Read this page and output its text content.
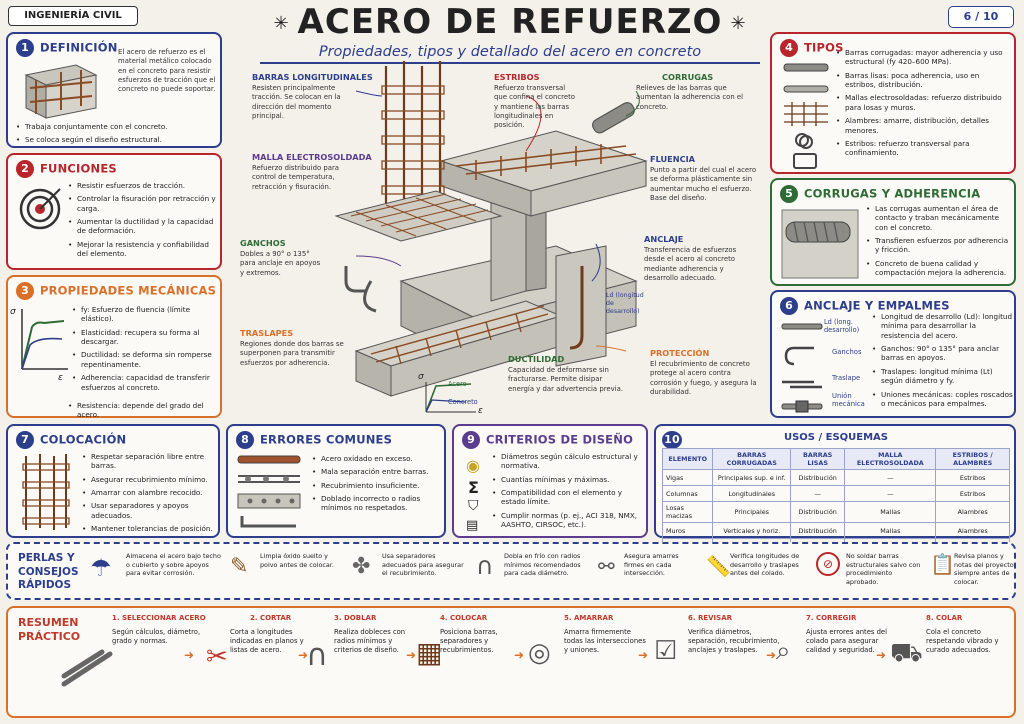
INGENIERÍA CIVIL	✳ ACERO DE REFUERZO ✳
Propiedades, tipos y detallado del acero en concreto
6 / 10
1 DEFINICIÓN El acero de refuerzo es el material metálico colocado en el concreto para resistir esfuerzos de tracción que el concreto no puede soportar.
• Trabaja conjuntamente con el concreto.
• Se coloca según el diseño estructural.
2 FUNCIONES
• Resistir esfuerzos de tracción.
• Controlar la fisuración por retracción y carga.
• Aumentar la ductilidad y la capacidad de deformación.
• Mejorar la resistencia y confiabilidad del elemento.
3 PROPIEDADES MECÁNICAS
σ
ε
• fy: Esfuerzo de fluencia (límite elástico).
• Elasticidad: recupera su forma al descargar.
• Ductilidad: se deforma sin romperse repentinamente.
• Adherencia: capacidad de transferir esfuerzos al concreto.
• Resistencia: depende del grado del acero.
BARRAS LONGITUDINALES
Resisten principalmente tracción. Se colocan en la dirección del momento principal.
MALLA ELECTROSOLDADA
Refuerzo distribuido para control de temperatura, retracción y fisuración.
GANCHOS
Dobles a 90° o 135° para anclaje en apoyos y extremos.
TRASLAPES
Regiones donde dos barras se superponen para transmitir esfuerzos por adherencia.
ESTRIBOS
Refuerzo transversal que confina el concreto y mantiene las barras longitudinales en posición.
CORRUGAS
Relieves de las barras que aumentan la adherencia con el concreto.
FLUENCIA
Punto a partir del cual el acero se deforma plásticamente sin aumentar mucho el esfuerzo. Base del diseño.
ANCLAJE
Transferencia de esfuerzos desde el acero al concreto mediante adherencia y desarrollo adecuado.
Ld (longitud de desarrollo)
DUCTILIDAD
Capacidad de deformarse sin fracturarse. Permite disipar energía y dar advertencia previa.
PROTECCIÓN
El recubrimiento de concreto protege al acero contra corrosión y fuego, y asegura la durabilidad.
Acero
Concreto
σ
ε
4 TIPOS • Barras corrugadas: mayor adherencia y uso estructural (fy 420–600 MPa).
• Barras lisas: poca adherencia, uso en estribos, distribución.
• Mallas electrosoldadas: refuerzo distribuido para losas y muros.
• Alambres: amarre, distribución, detalles menores.
• Estribos: refuerzo transversal para confinamiento.
5 CORRUGAS Y ADHERENCIA
• Las corrugas aumentan el área de contacto y traban mecánicamente con el concreto.
• Transfieren esfuerzos por adherencia y fricción.
• Concreto de buena calidad y compactación mejora la adherencia.
6 ANCLAJE Y EMPALMES
Ld (long. desarrollo)
Ganchos
Traslape
Unión mecánica
• Longitud de desarrollo (Ld): longitud mínima para desarrollar la resistencia del acero.
• Ganchos: 90° o 135° para anclar barras en apoyos.
• Traslapes: longitud mínima (Lt) según diámetro y fy.
• Uniones mecánicas: coples roscados o mecánicos para empalmes.
7 COLOCACIÓN
• Respetar separación libre entre barras.
• Asegurar recubrimiento mínimo.
• Amarrar con alambre recocido.
• Usar separadores y apoyos adecuados.
• Mantener tolerancias de posición.
8 ERRORES COMUNES
• Acero oxidado en exceso.
• Mala separación entre barras.
• Recubrimiento insuficiente.
• Doblado incorrecto o radios mínimos no respetados.
9 CRITERIOS DE DISEÑO
◉
Σ
⛉
▤
• Diámetros según cálculo estructural y normativa.
• Cuantías mínimas y máximas.
• Compatibilidad con el elemento y estado límite.
• Cumplir normas (p. ej., ACI 318, NMX, AASHTO, CIRSOC, etc.).
10	USOS / ESQUEMAS
ELEMENTO	BARRAS CORRUGADAS	BARRAS LISAS	MALLA ELECTROSOLDADA	ESTRIBOS / ALAMBRES
Vigas	Principales sup. e inf.	Distribución	—	Estribos
Columnas	Longitudinales	—	—	Estribos
Losas macizas	Principales	Distribución	Mallas	Alambres
Muros	Verticales y horiz.	Distribución	Mallas	Alambres

PERLAS Y CONSEJOS RÁPIDOS
☂ Almacena el acero bajo techo o cubierto y sobre apoyos para evitar corrosión.	✎ Limpia óxido suelto y polvo antes de colocar. ✤ Usa separadores adecuados para asegurar el recubrimiento.	∩ Dobla en frío con radios mínimos recomendados para cada diámetro.	⚯ Asegura amarres firmes en cada intersección.	📏 Verifica longitudes de desarrollo y traslapes antes del colado.
⊘
No soldar barras estructurales salvo con procedimiento aprobado.
📋 Revisa planos y notas del proyecto siempre antes de colocar.
RESUMEN PRÁCTICO
1. SELECCIONAR ACERO
Según cálculos, diámetro, grado y normas.
➜ ✂
2. CORTAR
Corta a longitudes indicadas en planos y listas de acero.	➜
∩
3. DOBLAR
Realiza dobleces con radios mínimos y criterios de diseño. ➜ ▦
4. COLOCAR
Posiciona barras, separadores y recubrimientos.	➜ ◎
5. AMARRAR
Amarra firmemente todas las intersecciones y uniones.	➜ ☑
6. REVISAR
Verifica diámetros, separación, recubrimiento, anclajes y traslapes. ➜ ⌕
7. CORREGIR
Ajusta errores antes del colado para asegurar calidad y seguridad. ➜ ⛟
8. COLAR
Cola el concreto respetando vibrado y curado adecuados.
